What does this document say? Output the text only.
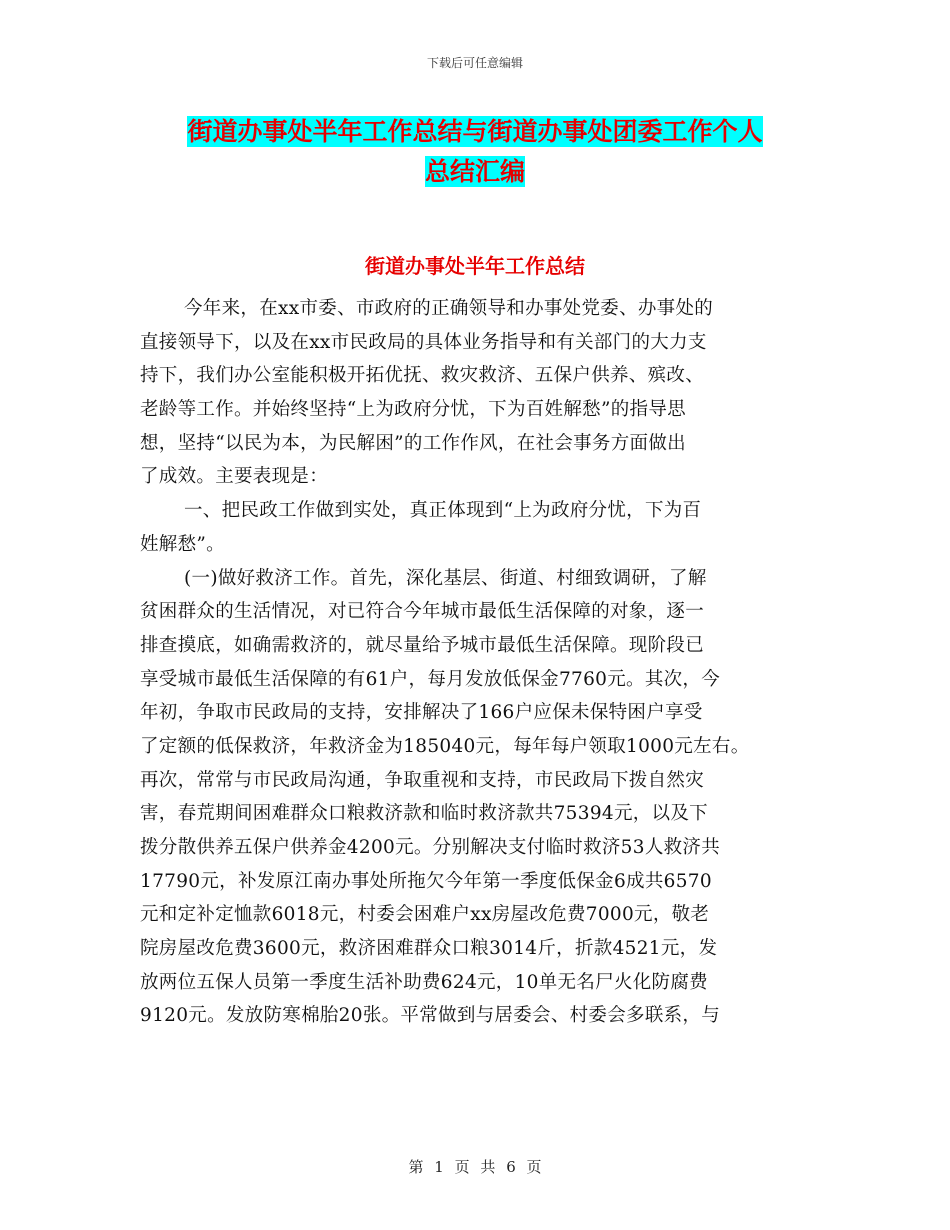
下载后可任意编辑
街道办事处半年工作总结与街道办事处团委工作个人
总结汇编
街道办事处半年工作总结
今年来，在xx市委、市政府的正确领导和办事处党委、办事处的
直接领导下，以及在xx市民政局的具体业务指导和有关部门的大力支
持下，我们办公室能积极开拓优抚、救灾救济、五保户供养、殡改、
老龄等工作。并始终坚持“上为政府分忧，下为百姓解愁”的指导思
想，坚持“以民为本，为民解困”的工作作风，在社会事务方面做出
了成效。主要表现是：
一、把民政工作做到实处，真正体现到“上为政府分忧，下为百
姓解愁”。
(一)做好救济工作。首先，深化基层、街道、村细致调研，了解
贫困群众的生活情况，对已符合今年城市最低生活保障的对象，逐一
排查摸底，如确需救济的，就尽量给予城市最低生活保障。现阶段已
享受城市最低生活保障的有61户，每月发放低保金7760元。其次，今
年初，争取市民政局的支持，安排解决了166户应保未保特困户享受
了定额的低保救济，年救济金为185040元，每年每户领取1000元左右。
再次，常常与市民政局沟通，争取重视和支持，市民政局下拨自然灾
害，春荒期间困难群众口粮救济款和临时救济款共75394元，以及下
拨分散供养五保户供养金4200元。分别解决支付临时救济53人救济共
17790元，补发原江南办事处所拖欠今年第一季度低保金6成共6570
元和定补定恤款6018元，村委会困难户xx房屋改危费7000元，敬老
院房屋改危费3600元，救济困难群众口粮3014斤，折款4521元，发
放两位五保人员第一季度生活补助费624元，10单无名尸火化防腐费
9120元。发放防寒棉胎20张。平常做到与居委会、村委会多联系，与
第 1 页 共 6 页
